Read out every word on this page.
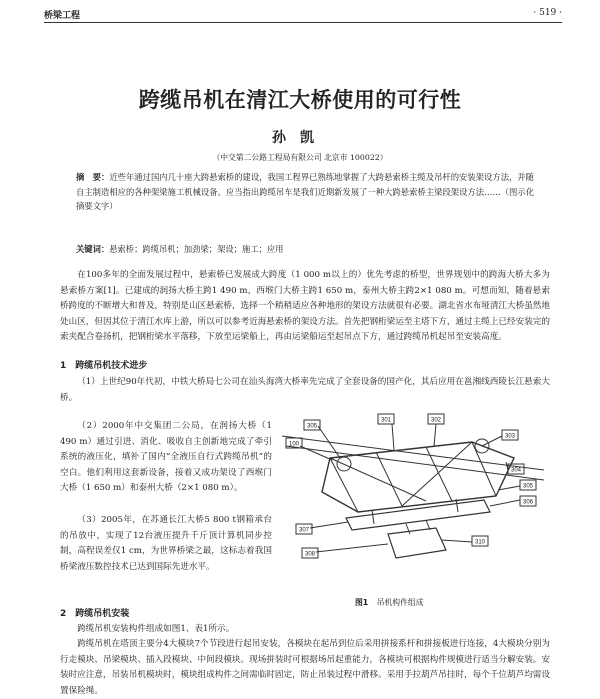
桥梁工程	· 519 ·
跨缆吊机在清江大桥使用的可行性
孙凯
（中交第二公路工程局有限公司 北京市 100022）
摘　要：近些年通过国内几十座大跨悬索桥的建设，我国工程界已熟练地掌握了大跨悬索桥主缆及吊杆的安装架设方法，并随自主制造相应的各种架梁施工机械设备。应当指出跨缆吊车是我们近期新发展了一种大跨悬索桥主梁段架设方法……（图示化摘要文字）
关键词：悬索桥；跨缆吊机；加劲梁；架设；施工；应用

在100多年的全面发展过程中，悬索桥已发展成大跨度（1 000 m以上的）优先考虑的桥型，世界规划中的跨海大桥大多为悬索桥方案[1]。已建成的润扬大桥主跨1 490 m，西堠门大桥主跨1 650 m，泰州大桥主跨2×1 080 m。可想而知，随着悬索桥跨度的不断增大和普及，特别是山区悬索桥，选择一个稍稍适应各种地形的架设方法就很有必要。湖北省水布垭清江大桥虽然地处山区，但因其位于清江水库上游，所以可以参考近海悬索桥的架设方法。首先把钢桁梁运至主塔下方，通过主缆上已经安装完的索夹配合卷扬机，把钢桁梁水平落移，下放至运梁船上，再由运梁船运至起吊点下方，通过跨缆吊机起吊至安装高度。

1　跨缆吊机技术进步

（1）上世纪90年代初，中铁大桥局七公司在汕头海湾大桥率先完成了全套设备的国产化，其后应用在邕湘线西陵长江悬索大桥。

（2）2000年中交集团二公局，在润扬大桥（1 490 m）通过引进、消化、吸收自主创新地完成了牵引系统的液压化，填补了国内“全液压自行式跨缆吊机”的空白。他们利用这套新设备，接着又成功架设了西堠门大桥（1 650 m）和泰州大桥（2×1 080 m）。

（3）2005年，在苏通长江大桥5 800 t钢箱承台的吊放中，实现了12台液压提升千斤顶计算机同步控制，高程误差仅1 cm，为世界桥梁之最，这标志着我国桥梁液压数控技术已达到国际先进水平。

100
305
301	302
303
304
305
306
307
308
310
图1 吊机构件组成
2　跨缆吊机安装

跨缆吊机安装构件组成如图1、表1所示。

跨缆吊机在塔顶主要分4大模块7个节段进行起吊安装，各模块在起吊到位后采用拼接系杆和拼接板进行连接，4大模块分别为行走模块、吊梁模块、插入段模块、中间段模块。现场拼装时可根据场吊起重能力，各模块可根据构件规模进行适当分解安装。安装时应注意，吊装吊机模块时，模块组成构件之间需临时固定，防止吊装过程中滑移。采用手拉葫芦吊挂时，每个千位葫芦均需设置保险绳。
